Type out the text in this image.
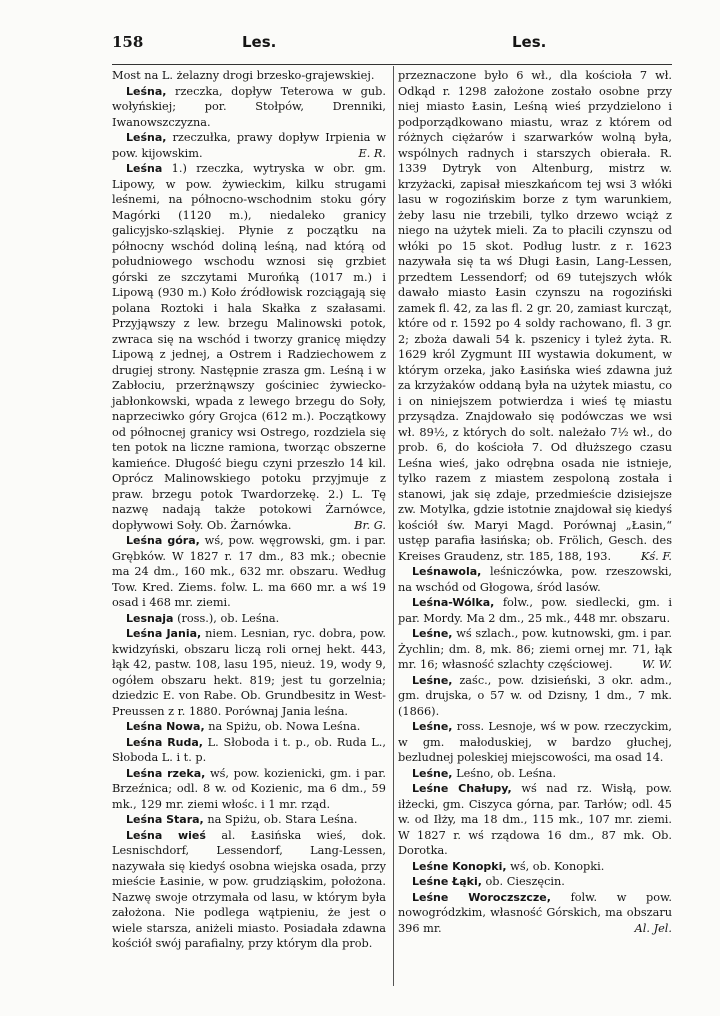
158	Les.	Les.

Most na L. żelazny drogi brzesko-grajewskiej.

Leśna, rzeczka, dopływ Teterowa w gub. wołyńskiej; por. Stołpów, Drenniki, Iwanowszczyzna.

Leśna, rzeczułka, prawy dopływ Irpienia w pow. kijowskim.	E. R.

Leśna 1.) rzeczka, wytryska w obr. gm. Lipowy, w pow. żywieckim, kilku strugami leśnemi, na północno-wschodnim stoku góry Magórki (1120 m.), niedaleko granicy galicyjsko-szląskiej. Płynie z początku na północny wschód doliną leśną, nad którą od południowego wschodu wznosi się grzbiet górski ze szczytami Murońką (1017 m.) i Lipową (930 m.) Koło źródłowisk rozciągają się polana Roztoki i hala Skałka z szałasami. Przyjąwszy z lew. brzegu Malinowski potok, zwraca się na wschód i tworzy granicę między Lipową z jednej, a Ostrem i Radziechowem z drugiej strony. Następnie zrasza gm. Leśną i w Zabłociu, przerżnąwszy gościniec żywiecko-jabłonkowski, wpada z lewego brzegu do Soły, naprzeciwko góry Grojca (612 m.). Początkowy od północnej granicy wsi Ostrego, rozdziela się ten potok na liczne ramiona, tworząc obszerne kamieńce. Długość biegu czyni przeszło 14 kil. Oprócz Malinowskiego potoku przyjmuje z praw. brzegu potok Twardorzekę. 2.) L. Tę nazwę nadają także potokowi Żarnówce, dopływowi Soły. Ob. Żarnówka.	Br. G.

Leśna góra, wś, pow. węgrowski, gm. i par. Grębków. W 1827 r. 17 dm., 83 mk.; obecnie ma 24 dm., 160 mk., 632 mr. obszaru. Według Tow. Kred. Ziems. folw. L. ma 660 mr. a wś 19 osad i 468 mr. ziemi.

Lesnaja (ross.), ob. Leśna.

Leśna Jania, niem. Lesnian, ryc. dobra, pow. kwidzyński, obszaru liczą roli ornej hekt. 443, łąk 42, pastw. 108, lasu 195, nieuż. 19, wody 9, ogółem obszaru hekt. 819; jest tu gorzelnia; dziedzic E. von Rabe. Ob. Grundbesitz in West-Preussen z r. 1880. Porównaj Jania leśna.

Leśna Nowa, na Spiżu, ob. Nowa Leśna.

Leśna Ruda, L. Słoboda i t. p., ob. Ruda L., Słoboda L. i t. p.

Leśna rzeka, wś, pow. kozienicki, gm. i par. Brzeźnica; odl. 8 w. od Kozienic, ma 6 dm., 59 mk., 129 mr. ziemi włośc. i 1 mr. rząd.

Leśna Stara, na Spiżu, ob. Stara Leśna.

Leśna wieś al. Łasińska wieś, dok. Lesnischdorf, Lessendorf, Lang-Lessen, nazywała się kiedyś osobna wiejska osada, przy mieście Łasinie, w pow. grudziąskim, położona. Nazwę swoje otrzymała od lasu, w którym była założona. Nie podlega wątpieniu, że jest o wiele starsza, aniżeli miasto. Posiadała zdawna kościół swój parafialny, przy którym dla prob.

przeznaczone było 6 wł., dla kościoła 7 wł. Odkąd r. 1298 założone zostało osobne przy niej miasto Łasin, Leśną wieś przydzielono i podporządkowano miastu, wraz z którem od różnych ciężarów i szarwarków wolną była, wspólnych radnych i starszych obierała. R. 1339 Dytryk von Altenburg, mistrz w. krzyżacki, zapisał mieszkańcom tej wsi 3 włóki lasu w rogozińskim borze z tym warunkiem, żeby lasu nie trzebili, tylko drzewo wciąż z niego na użytek mieli. Za to płacili czynszu od włóki po 15 skot. Podług lustr. z r. 1623 nazywała się ta wś Długi Łasin, Lang-Lessen, przedtem Lessendorf; od 69 tutejszych włók dawało miasto Łasin czynszu na rogoziński zamek fl. 42, za las fl. 2 gr. 20, zamiast kurcząt, które od r. 1592 po 4 soldy rachowano, fl. 3 gr. 2; zboża dawali 54 k. pszenicy i tyleż żyta. R. 1629 król Zygmunt III wystawia dokument, w którym orzeka, jako Łasińska wieś zdawna już za krzyżaków oddaną była na użytek miastu, co i on niniejszem potwierdza i wieś tę miastu przysądza. Znajdowało się podówczas we wsi wł. 89½, z których do solt. należało 7½ wł., do prob. 6, do kościoła 7. Od dłuższego czasu Leśna wieś, jako odrębna osada nie istnieje, tylko razem z miastem zespoloną została i stanowi, jak się zdaje, przedmieście dzisiejsze zw. Motylka, gdzie istotnie znajdował się kiedyś kościół św. Maryi Magd. Porównaj „Łasin,“ ustęp parafia łasińska; ob. Frölich, Gesch. des Kreises Graudenz, str. 185, 188, 193.	Kś. F.

Leśnawola, leśniczówka, pow. rzeszowski, na wschód od Głogowa, śród lasów.

Leśna-Wólka, folw., pow. siedlecki, gm. i par. Mordy. Ma 2 dm., 25 mk., 448 mr. obszaru.

Leśne, wś szlach., pow. kutnowski, gm. i par. Żychlin; dm. 8, mk. 86; ziemi ornej mr. 71, łąk mr. 16; własność szlachty częściowej.	W. W.

Leśne, zaśc., pow. dzisieński, 3 okr. adm., gm. drujska, o 57 w. od Dzisny, 1 dm., 7 mk. (1866).

Leśne, ross. Lesnoje, wś w pow. rzeczyckim, w gm. małoduskiej, w bardzo głuchej, bezludnej poleskiej miejscowości, ma osad 14.

Leśne, Leśno, ob. Leśna.

Leśne Chałupy, wś nad rz. Wisłą, pow. iłżecki, gm. Ciszyca górna, par. Tarłów; odl. 45 w. od Iłży, ma 18 dm., 115 mk., 107 mr. ziemi. W 1827 r. wś rządowa 16 dm., 87 mk. Ob. Dorotka.

Leśne Konopki, wś, ob. Konopki.

Leśne Łąki, ob. Cieszęcin.

Leśne Woroczszcze, folw. w pow. nowogródzkim, własność Górskich, ma obszaru 396 mr.	Al. Jel.
